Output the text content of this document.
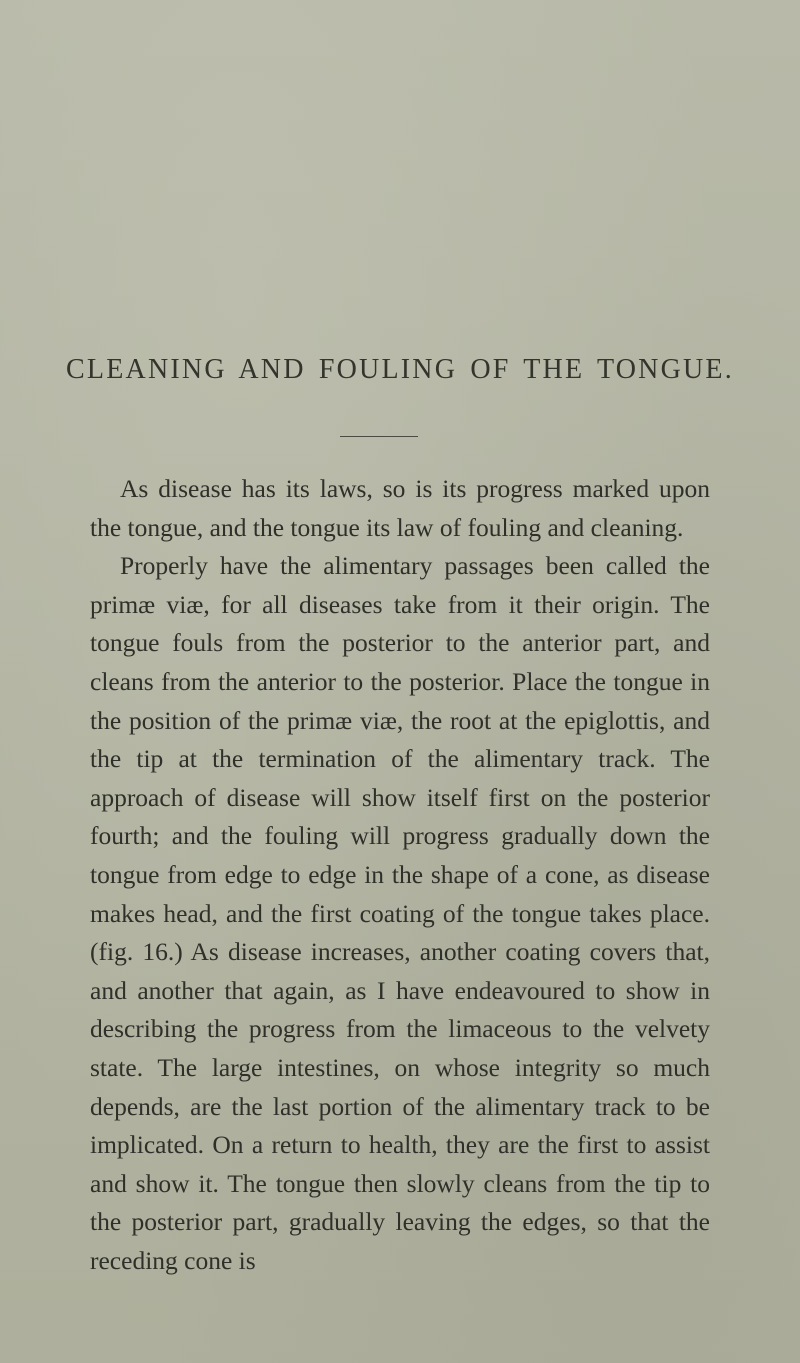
CLEANING AND FOULING OF THE TONGUE.

As disease has its laws, so is its progress marked upon the tongue, and the tongue its law of fouling and cleaning.

Properly have the alimentary passages been called the primæ viæ, for all diseases take from it their origin. The tongue fouls from the posterior to the anterior part, and cleans from the anterior to the posterior. Place the tongue in the position of the primæ viæ, the root at the epiglottis, and the tip at the termination of the alimentary track. The approach of disease will show itself first on the posterior fourth; and the fouling will progress gradually down the tongue from edge to edge in the shape of a cone, as disease makes head, and the first coating of the tongue takes place. (fig. 16.) As disease increases, another coating covers that, and another that again, as I have endeavoured to show in describing the progress from the limaceous to the velvety state. The large intestines, on whose integrity so much depends, are the last portion of the alimentary track to be implicated. On a return to health, they are the first to assist and show it. The tongue then slowly cleans from the tip to the posterior part, gradually leaving the edges, so that the receding cone is
